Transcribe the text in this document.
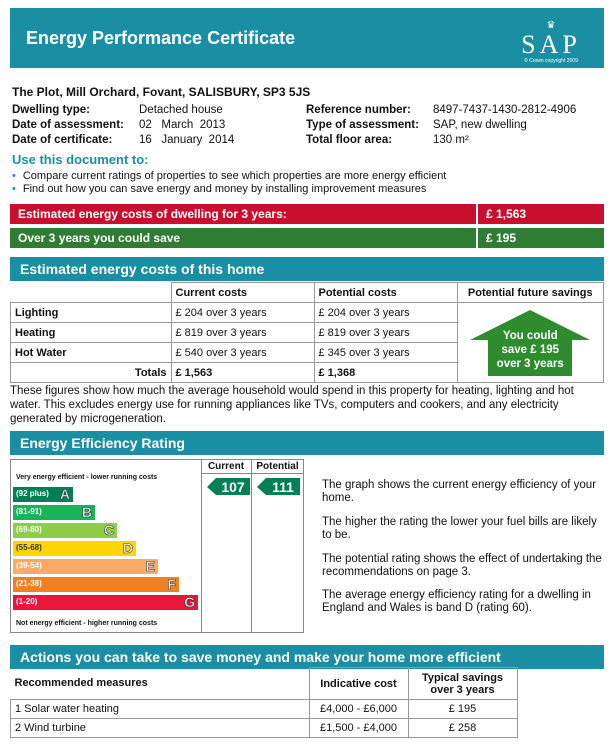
Energy Performance Certificate
♛
SAP
© Crown copyright 2009
The Plot, Mill Orchard, Fovant, SALISBURY, SP3 5JS
Dwelling type:	Detached house
Date of assessment: 02   March  2013
Date of certificate: 16   January  2014
Reference number: 8497-7437-1430-2812-4906
Type of assessment: SAP, new dwelling
Total floor area:	130 m²
Use this document to:
• Compare current ratings of properties to see which properties are more energy efficient
• Find out how you can save energy and money by installing improvement measures
Estimated energy costs of dwelling for 3 years:	£ 1,563
Over 3 years you could save	£ 195
Estimated energy costs of this home
	Current costs	Potential costs	Potential future savings
Lighting	£ 204 over 3 years	£ 204 over 3 years	You could
save £ 195
over 3 years

Heating	£ 819 over 3 years	£ 819 over 3 years	
Hot Water	£ 540 over 3 years	£ 345 over 3 years	
Totals	£ 1,563	£ 1,368	
These figures show how much the average household would spend in this property for heating, lighting and hot water. This excludes energy use for running appliances like TVs, computers and cookers, and any electricity generated by microgeneration.
Energy Efficiency Rating
Current	Potential
Very energy efficient - lower running costs
Not energy efficient - higher running costs
(92 plus) A
(81-91)	B
(69-80)	C
(55-68)	D
(39-54)	E
(21-38)	F
(1-20)	G
107	111	The graph shows the current energy efficiency of your home.
The higher the rating the lower your fuel bills are likely to be.
The potential rating shows the effect of undertaking the recommendations on page 3.
The average energy efficiency rating for a dwelling in England and Wales is band D (rating 60).
Actions you can take to save money and make your home more efficient
Recommended measures	Indicative cost	Typical savings over 3 years	
1 Solar water heating	£4,000 - £6,000	£ 195	
2 Wind turbine	£1,500 - £4,000	£ 258	
